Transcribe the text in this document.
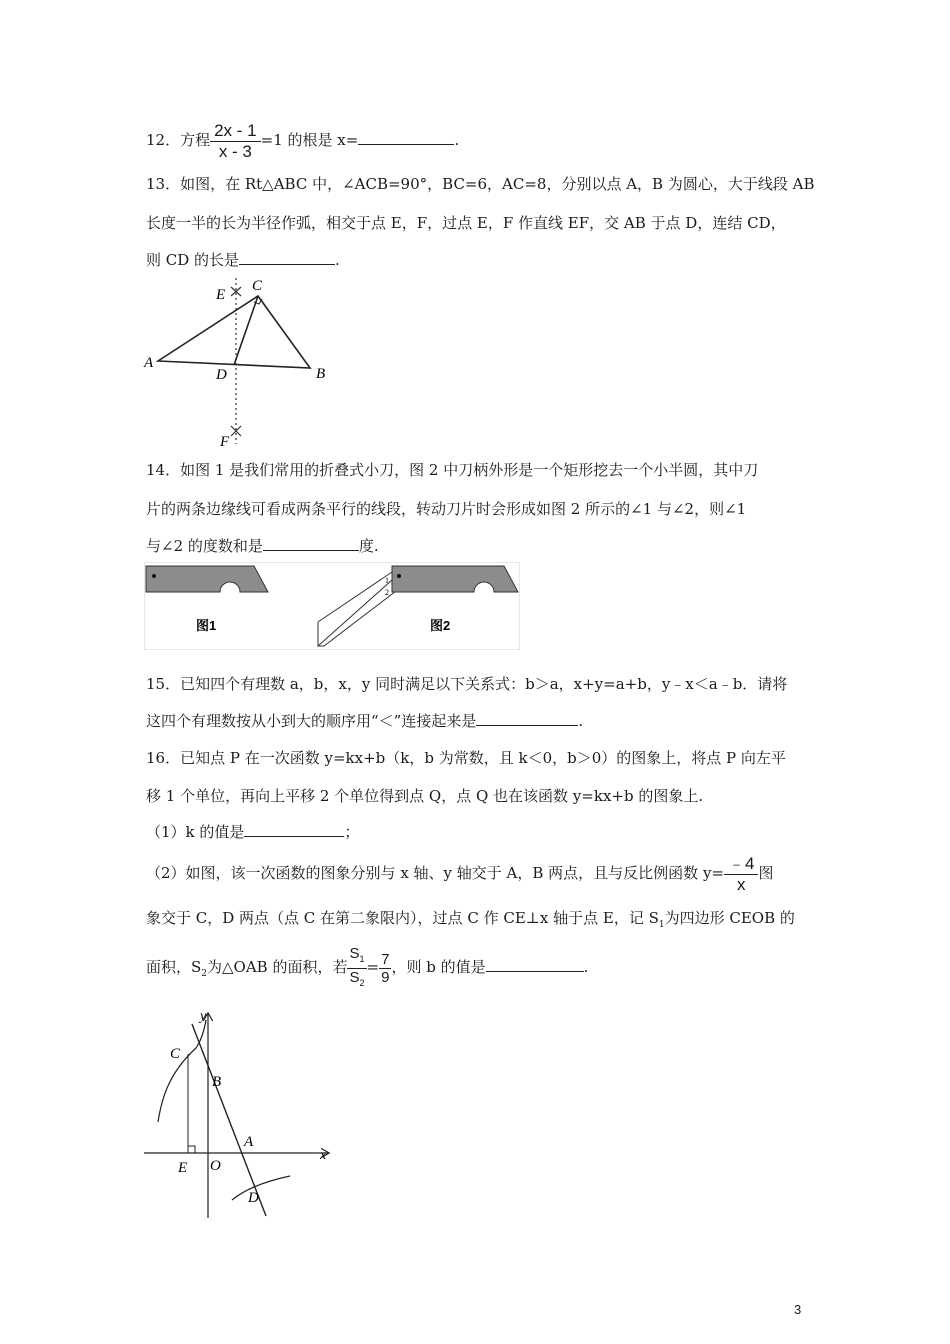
12．方程 $\frac{2x - 1}{x - 3} =1$ 的根是 x=	.
13．如图，在 Rt△ABC 中，∠ACB=90°，BC=6，AC=8，分别以点 A，B 为圆心，大于线段 AB
长度一半的长为半径作弧，相交于点 E，F，过点 E，F 作直线 EF，交 AB 于点 D，连结 CD，
则 CD 的长是	.
E
C
A
D	B
F
14．如图 1 是我们常用的折叠式小刀，图 2 中刀柄外形是一个矩形挖去一个小半圆，其中刀
片的两条边缘线可看成两条平行的线段，转动刀片时会形成如图 2 所示的∠1 与∠2，则∠1
与∠2 的度数和是	度.
图1
1
2
图2
15．已知四个有理数 a，b，x，y 同时满足以下关系式：b＞a，x+y=a+b，y﹣x＜a﹣b．请将
这四个有理数按从小到大的顺序用“＜”连接起来是	.
16．已知点 P 在一次函数 y=kx+b（k，b 为常数，且 k＜0，b＞0）的图象上，将点 P 向左平
移 1 个单位，再向上平移 2 个单位得到点 Q，点 Q 也在该函数 y=kx+b 的图象上.
（1）k 的值是	；
（2）如图，该一次函数的图象分别与 x 轴、y 轴交于 A，B 两点，且与反比例函数 $y= \frac{﹣4}{x}$ 图
象交于 C，D 两点（点 C 在第二象限内），过点 C 作 CE⊥x 轴于点 E，记 $S_1$为四边形 CEOB 的
面积，$S_2$为△OAB 的面积，若 $\frac{S_1}{S_2} = \frac{7}{9}$ ，则 b 的值是	.
y
x
C
B
A
E O
D
3
